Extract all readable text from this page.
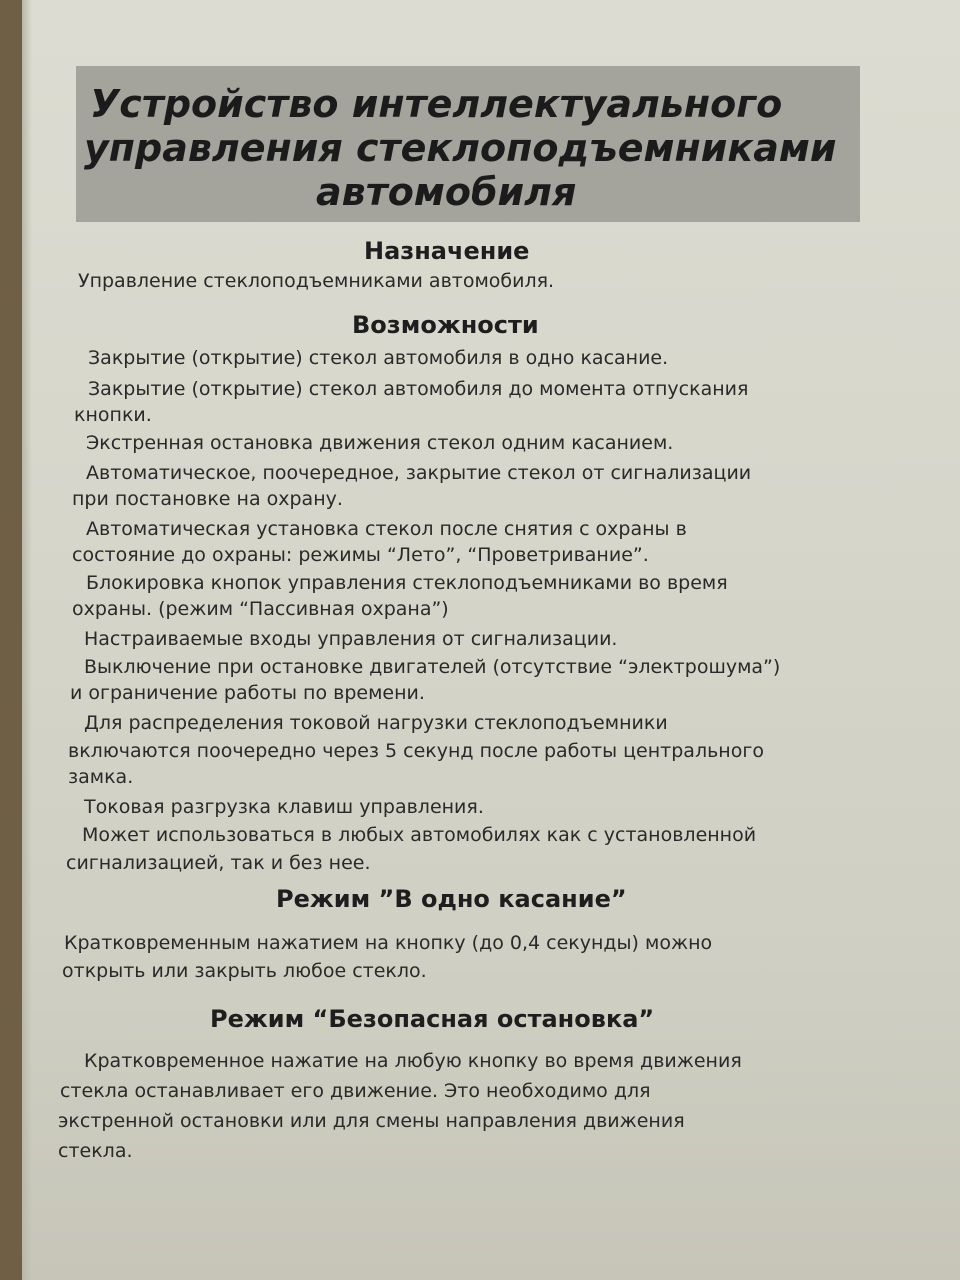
Устройство интеллектуального

управления стеклоподъемниками

автомобиля

Назначение

Управление стеклоподъемниками автомобиля.

Возможности

Закрытие (открытие) стекол автомобиля в одно касание.

Закрытие (открытие) стекол автомобиля до момента отпускания

кнопки.

Экстренная остановка движения стекол одним касанием.

Автоматическое, поочередное, закрытие стекол от сигнализации

при постановке на охрану.

Автоматическая установка стекол после снятия с охраны в

состояние до охраны: режимы “Лето”, “Проветривание”.

Блокировка кнопок управления стеклоподъемниками во время

охраны. (режим “Пассивная охрана”)

Настраиваемые входы управления от сигнализации.

Выключение при остановке двигателей (отсутствие “электрошума”)

и ограничение работы по времени.

Для распределения токовой нагрузки стеклоподъемники

включаются поочередно через 5 секунд после работы центрального

замка.

Токовая разгрузка клавиш управления.

Может использоваться в любых автомобилях как с установленной

сигнализацией, так и без нее.

Режим ”В одно касание”

Кратковременным нажатием на кнопку (до 0,4 секунды) можно

открыть или закрыть любое стекло.

Режим “Безопасная остановка”

Кратковременное нажатие на любую кнопку во время движения

стекла останавливает его движение. Это необходимо для

экстренной остановки или для смены направления движения

стекла.
